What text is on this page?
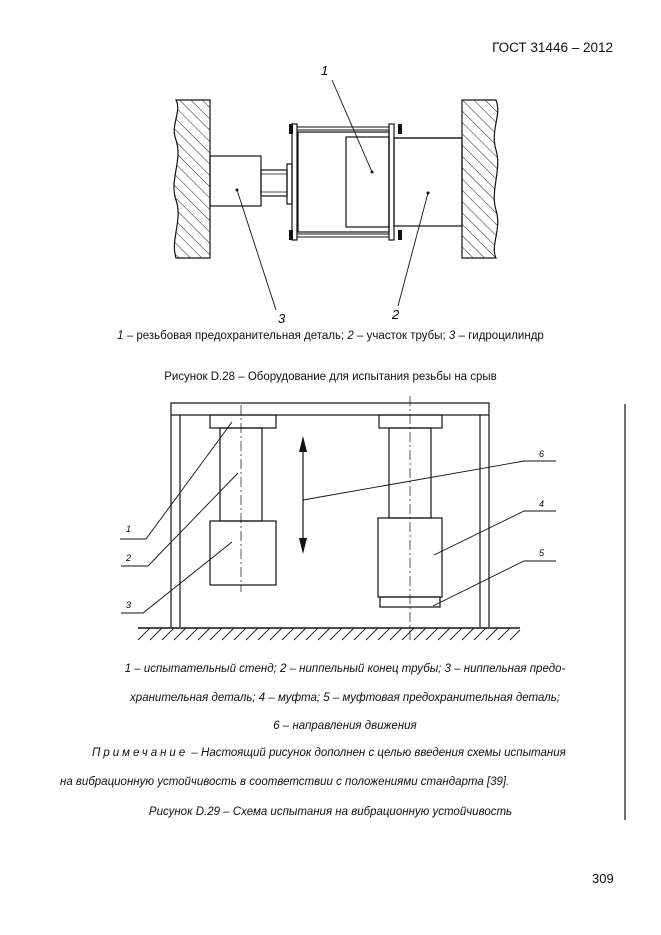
ГОСТ 31446 – 2012
1
3	2
1
2
3
6
4
5
1 – резьбовая предохранительная деталь; 2 – участок трубы; 3 – гидроцилиндр
Рисунок D.28 – Оборудование для испытания резьбы на срыв
1 – испытательный стенд; 2 – ниппельный конец трубы; 3 – ниппельная предо-
хранительная деталь; 4 – муфта; 5 – муфтовая предохранительная деталь;
6 – направления движения
Примечание – Настоящий рисунок дополнен с целью введения схемы испытания
на вибрационную устойчивость в соответствии с положениями стандарта [39].
Рисунок D.29 – Схема испытания на вибрационную устойчивость
309
